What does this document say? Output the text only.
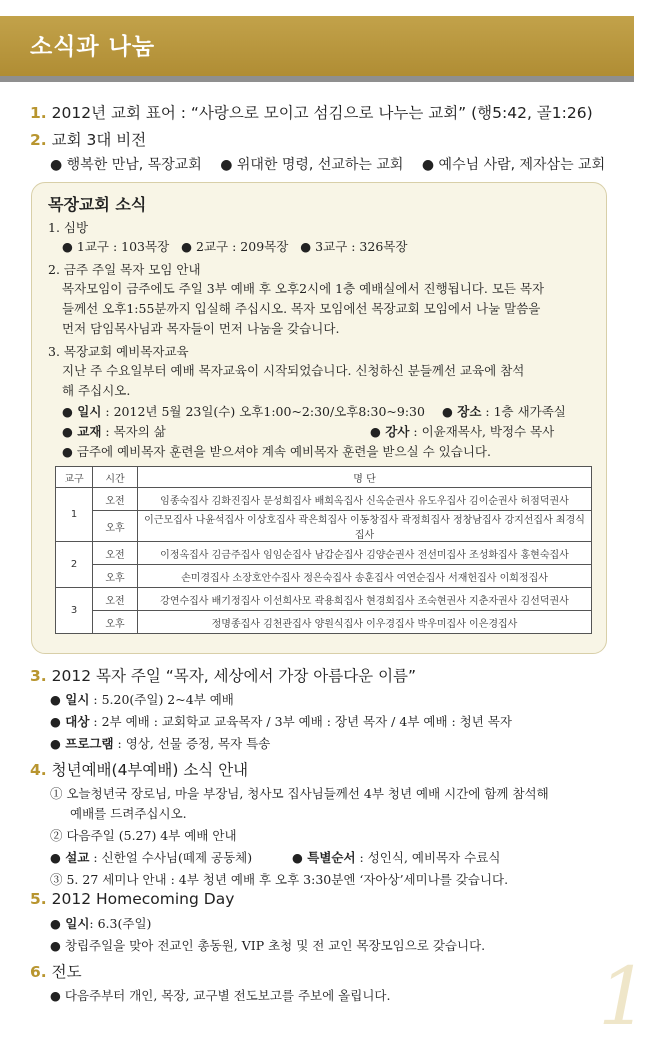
소식과 나눔
1. 2012년 교회 표어 : “사랑으로 모이고 섬김으로 나누는 교회” (행5:42, 골1:26)
2. 교회 3대 비전
● 행복한 만남, 목장교회 ● 위대한 명령, 선교하는 교회 ● 예수님 사람, 제자삼는 교회
목장교회 소식
1. 심방
● 1교구 : 103목장 ● 2교구 : 209목장 ● 3교구 : 326목장
2. 금주 주일 목자 모임 안내
목자모임이 금주에도 주일 3부 예배 후 오후2시에 1층 예배실에서 진행됩니다. 모든 목자
들께선 오후1:55분까지 입실해 주십시오. 목자 모임에선 목장교회 모임에서 나눌 말씀을
먼저 담임목사님과 목자들이 먼저 나눔을 갖습니다.
3. 목장교회 예비목자교육
지난 주 수요일부터 예배 목자교육이 시작되었습니다. 신청하신 분들께선 교육에 참석
해 주십시오.
● 일시 : 2012년 5월 23일(수) 오후1:00~2:30/오후8:30~9:30 ● 장소 : 1층 새가족실
● 교재 : 목자의 삶	● 강사 : 이윤재목사, 박정수 목사
● 금주에 예비목자 훈련을 받으셔야 계속 예비목자 훈련을 받으실 수 있습니다.
교구	시간	명 단
1	오전	임종숙집사 김화진집사 문성희집사 배희옥집사 신옥순권사 유도우집사 김이순권사 허점덕권사
	오후	이근모집사 나윤석집사 이상호집사 곽은희집사 이동창집사 곽정희집사 정창남집사 강지선집사 최경식집사
2	오전	이정옥집사 김금주집사 임임순집사 남갑순집사 김양순권사 전선미집사 조성화집사 홍현숙집사
	오후	손미경집사 소장호안수집사 정은숙집사 송훈집사 여연순집사 서재헌집사 이희정집사
3	오전	강연수집사 배기정집사 이선희사모 곽용희집사 현경희집사 조숙현권사 지춘자권사 김선덕권사
	오후	정명종집사 김천관집사 양원식집사 이우경집사 박우미집사 이은경집사
3. 2012 목자 주일 “목자, 세상에서 가장 아름다운 이름”
● 일시 : 5.20(주일) 2~4부 예배
● 대상 : 2부 예배 : 교회학교 교육목자 / 3부 예배 : 장년 목자 / 4부 예배 : 청년 목자
● 프로그램 : 영상, 선물 증정, 목자 특송
4. 청년예배(4부예배) 소식 안내
① 오늘청년국 장로님, 마을 부장님, 청사모 집사님들께선 4부 청년 예배 시간에 함께 참석해
예배를 드려주십시오.
② 다음주일 (5.27) 4부 예배 안내
● 설교 : 신한얼 수사님(떼제 공동체)	● 특별순서 : 성인식, 예비목자 수료식
③ 5. 27 세미나 안내 : 4부 청년 예배 후 오후 3:30분엔 ‘자아상’세미나를 갖습니다.
5. 2012 Homecoming Day
● 일시: 6.3(주일)
● 창립주일을 맞아 전교인 총동원, VIP 초청 및 전 교인 목장모임으로 갖습니다.
6. 전도
● 다음주부터 개인, 목장, 교구별 전도보고를 주보에 올립니다.	1
